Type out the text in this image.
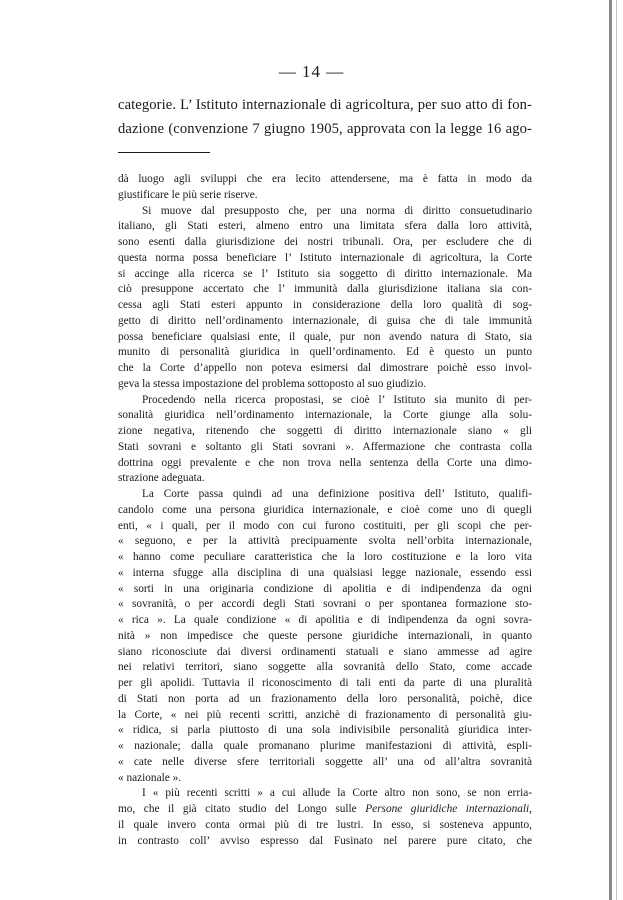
— 14 —
categorie. L’ Istituto internazionale di agricoltura, per suo atto di fon-
dazione (convenzione 7 giugno 1905, approvata con la legge 16 ago-

dà luogo agli sviluppi che era lecito attendersene, ma è fatta in modo da
giustificare le più serie riserve.

Si muove dal presupposto che, per una norma di diritto consuetudinario
italiano, gli Stati esteri, almeno entro una limitata sfera dalla loro attività,
sono esenti dalla giurisdizione dei nostri tribunali. Ora, per escludere che di
questa norma possa beneficiare l’ Istituto internazionale di agricoltura, la Corte
si accinge alla ricerca se l’ Istituto sia soggetto di diritto internazionale. Ma
ciò presuppone accertato che l’ immunità dalla giurisdizione italiana sia con-
cessa agli Stati esteri appunto in considerazione della loro qualità di sog-
getto di diritto nell’ordinamento internazionale, di guisa che di tale immunità
possa beneficiare qualsiasi ente, il quale, pur non avendo natura di Stato, sia
munito di personalità giuridica in quell’ordinamento. Ed è questo un punto
che la Corte d’appello non poteva esimersi dal dimostrare poichè esso invol-
geva la stessa impostazione del problema sottoposto al suo giudizio.

Procedendo nella ricerca propostasi, se cioè l’ Istituto sia munito di per-
sonalità giuridica nell’ordinamento internazionale, la Corte giunge alla solu-
zione negativa, ritenendo che soggetti di diritto internazionale siano « gli
Stati sovrani e soltanto gli Stati sovrani ». Affermazione che contrasta colla
dottrina oggi prevalente e che non trova nella sentenza della Corte una dimo-
strazione adeguata.

La Corte passa quindi ad una definizione positiva dell’ Istituto, qualifi-
candolo come una persona giuridica internazionale, e cioè come uno di quegli
enti, « i quali, per il modo con cui furono costituiti, per gli scopi che per-
« seguono, e per la attività precipuamente svolta nell’orbita internazionale,
« hanno come peculiare caratteristica che la loro costituzione e la loro vita
« interna sfugge alla disciplina di una qualsiasi legge nazionale, essendo essi
« sorti in una originaria condizione di apolitia e di indipendenza da ogni
« sovranità, o per accordi degli Stati sovrani o per spontanea formazione sto-
« rica ». La quale condizione « di apolitia e di indipendenza da ogni sovra-
nità » non impedisce che queste persone giuridiche internazionali, in quanto
siano riconosciute dai diversi ordinamenti statuali e siano ammesse ad agire
nei relativi territori, siano soggette alla sovranità dello Stato, come accade
per gli apolidi. Tuttavia il riconoscimento di tali enti da parte di una pluralità
di Stati non porta ad un frazionamento della loro personalità, poichè, dice
la Corte, « nei più recenti scritti, anzichè di frazionamento di personalità giu-
« ridica, si parla piuttosto di una sola indivisibile personalità giuridica inter-
« nazionale; dalla quale promanano plurime manifestazioni di attività, espli-
« cate nelle diverse sfere territoriali soggette all’ una od all’altra sovranità
« nazionale ».

I « più recenti scritti » a cui allude la Corte altro non sono, se non erria-
mo, che il già citato studio del Longo sulle Persone giuridiche internazionali,
il quale invero conta ormai più di tre lustri. In esso, si sosteneva appunto,
in contrasto coll’ avviso espresso dal Fusinato nel parere pure citato, che
